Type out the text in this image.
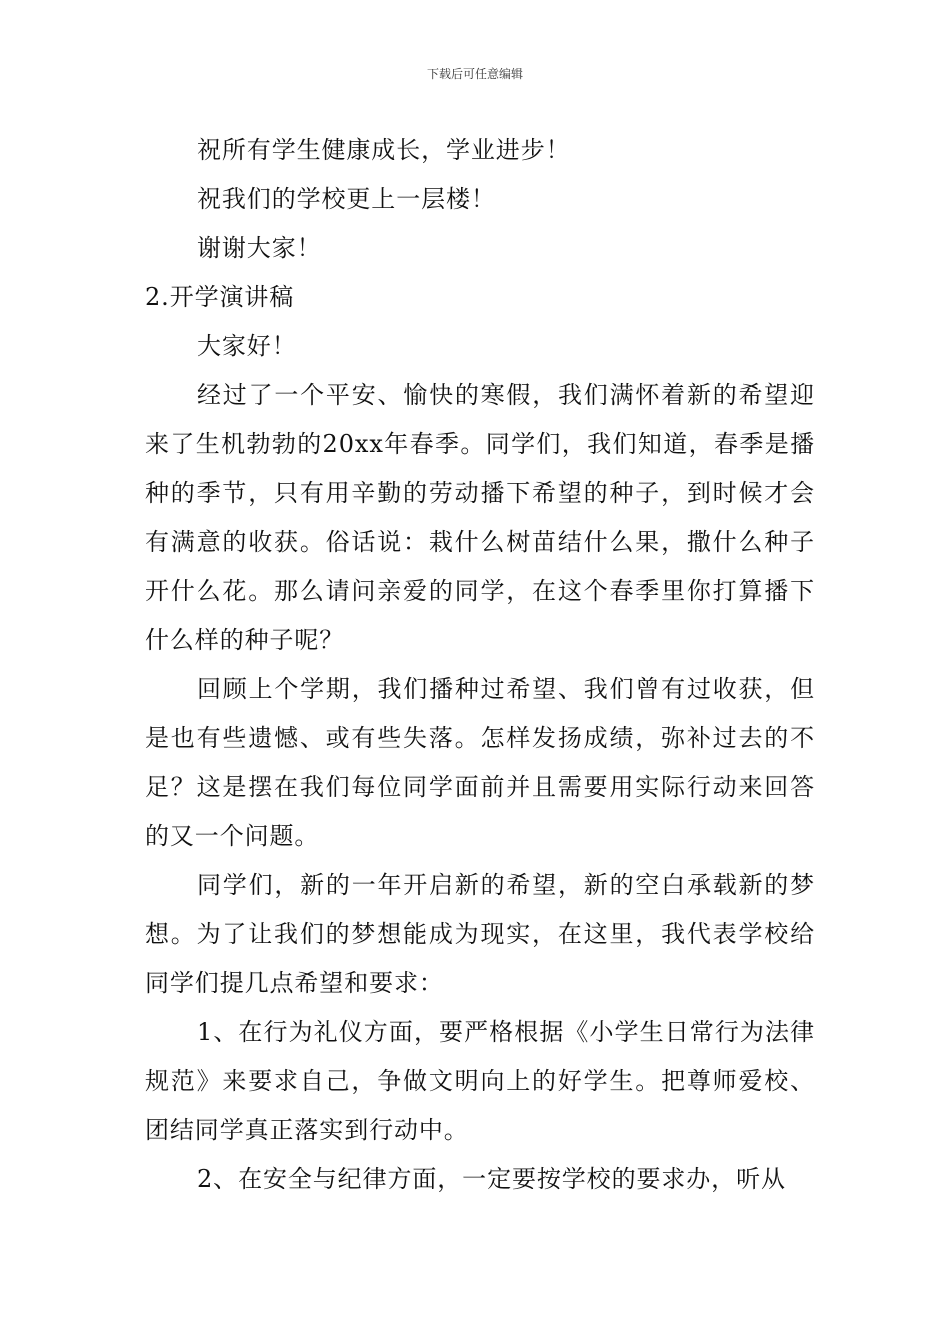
下载后可任意编辑

祝所有学生健康成长，学业进步！

祝我们的学校更上一层楼！

谢谢大家！

2.开学演讲稿

大家好！

经过了一个平安、愉快的寒假，我们满怀着新的希望迎来了生机勃勃的20xx年春季。同学们，我们知道，春季是播种的季节，只有用辛勤的劳动播下希望的种子，到时候才会有满意的收获。俗话说：栽什么树苗结什么果，撒什么种子开什么花。那么请问亲爱的同学，在这个春季里你打算播下什么样的种子呢？

回顾上个学期，我们播种过希望、我们曾有过收获，但是也有些遗憾、或有些失落。怎样发扬成绩，弥补过去的不足？这是摆在我们每位同学面前并且需要用实际行动来回答的又一个问题。

同学们，新的一年开启新的希望，新的空白承载新的梦想。为了让我们的梦想能成为现实，在这里，我代表学校给同学们提几点希望和要求：

1、在行为礼仪方面，要严格根据《小学生日常行为法律规范》来要求自己，争做文明向上的好学生。把尊师爱校、团结同学真正落实到行动中。

2、在安全与纪律方面，一定要按学校的要求办，听从
